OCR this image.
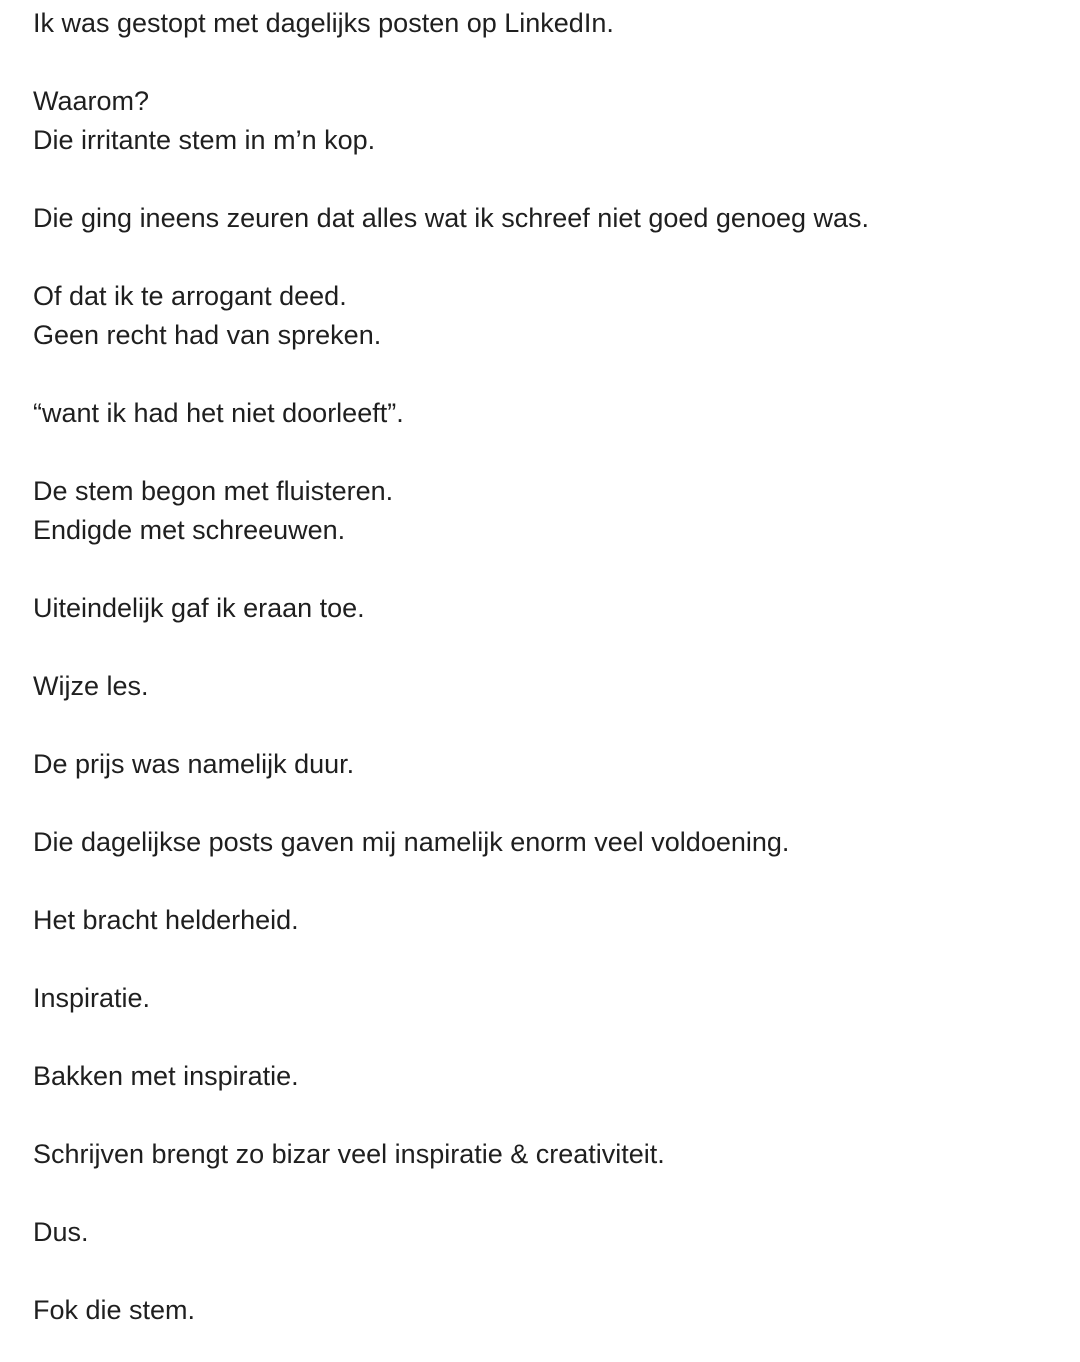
Ik was gestopt met dagelijks posten op LinkedIn.
Waarom?
Die irritante stem in m’n kop.
Die ging ineens zeuren dat alles wat ik schreef niet goed genoeg was.
Of dat ik te arrogant deed.
Geen recht had van spreken.
“want ik had het niet doorleeft”.
De stem begon met fluisteren.
Endigde met schreeuwen.
Uiteindelijk gaf ik eraan toe.
Wijze les.
De prijs was namelijk duur.
Die dagelijkse posts gaven mij namelijk enorm veel voldoening.
Het bracht helderheid.
Inspiratie.
Bakken met inspiratie.
Schrijven brengt zo bizar veel inspiratie & creativiteit.
Dus.
Fok die stem.
